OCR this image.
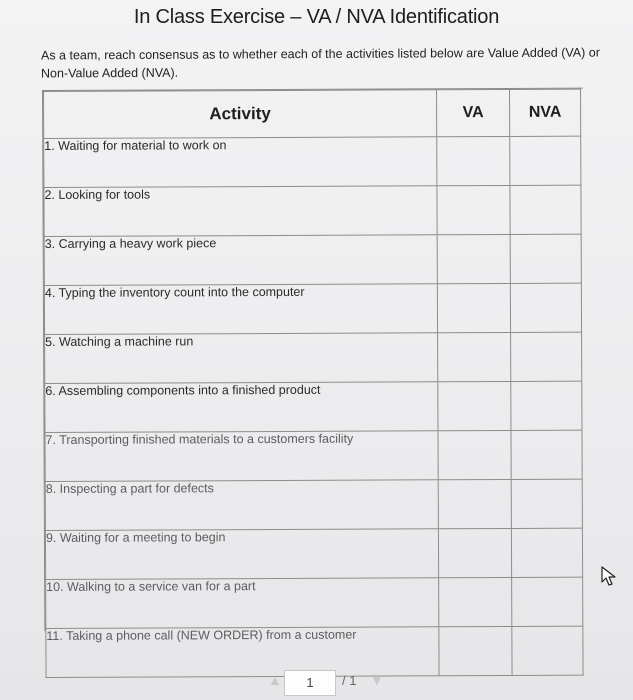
In Class Exercise – VA / NVA Identification
As a team, reach consensus as to whether each of the activities listed below are Value Added (VA) or Non-Value Added (NVA).
Activity	VA	NVA
1. Waiting for material to work on		
2. Looking for tools		
3. Carrying a heavy work piece		
4. Typing the inventory count into the computer		
5. Watching a machine run		
6. Assembling components into a finished product		
7. Transporting finished materials to a customers facility		
8. Inspecting a part for defects		
9. Waiting for a meeting to begin		
10. Walking to a service van for a part		
11. Taking a phone call (NEW ORDER) from a customer		
▲	1	/ 1 ▼
